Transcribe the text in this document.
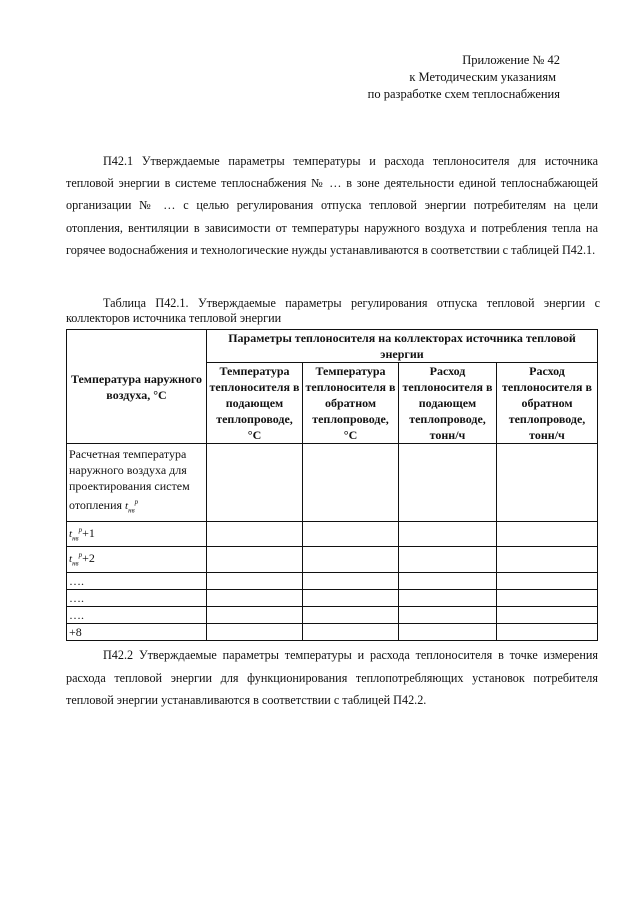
Приложение № 42
к Методическим указаниям
по разработке схем теплоснабжения
П42.1 Утверждаемые параметры температуры и расхода теплоносителя для источника тепловой энергии в системе теплоснабжения № … в зоне деятельности единой теплоснабжающей организации № … с целью регулирования отпуска тепловой энергии потребителям на цели отопления, вентиляции в зависимости от температуры наружного воздуха и потребления тепла на горячее водоснабжения и технологические нужды устанавливаются в соответствии с таблицей П42.1.
Таблица П42.1. Утверждаемые параметры регулирования отпуска тепловой энергии с коллекторов источника тепловой энергии
Температура наружного воздуха, °С	Параметры теплоносителя на коллекторах источника тепловой энергии			
	Температура теплоносителя в подающем теплопроводе, °С	Температура теплоносителя в обратном теплопроводе, °С	Расход теплоносителя в подающем теплопроводе, тонн/ч	Расход теплоносителя в обратном теплопроводе, тонн/ч
Расчетная температура наружного воздуха для проектирования систем отопления $t_{нв}^р$				
$t_{нв}^р+1$				
$t_{нв}^р+2$				
….				
….				
….				
+8				
П42.2 Утверждаемые параметры температуры и расхода теплоносителя в точке измерения расхода тепловой энергии для функционирования теплопотребляющих установок потребителя тепловой энергии устанавливаются в соответствии с таблицей П42.2.
